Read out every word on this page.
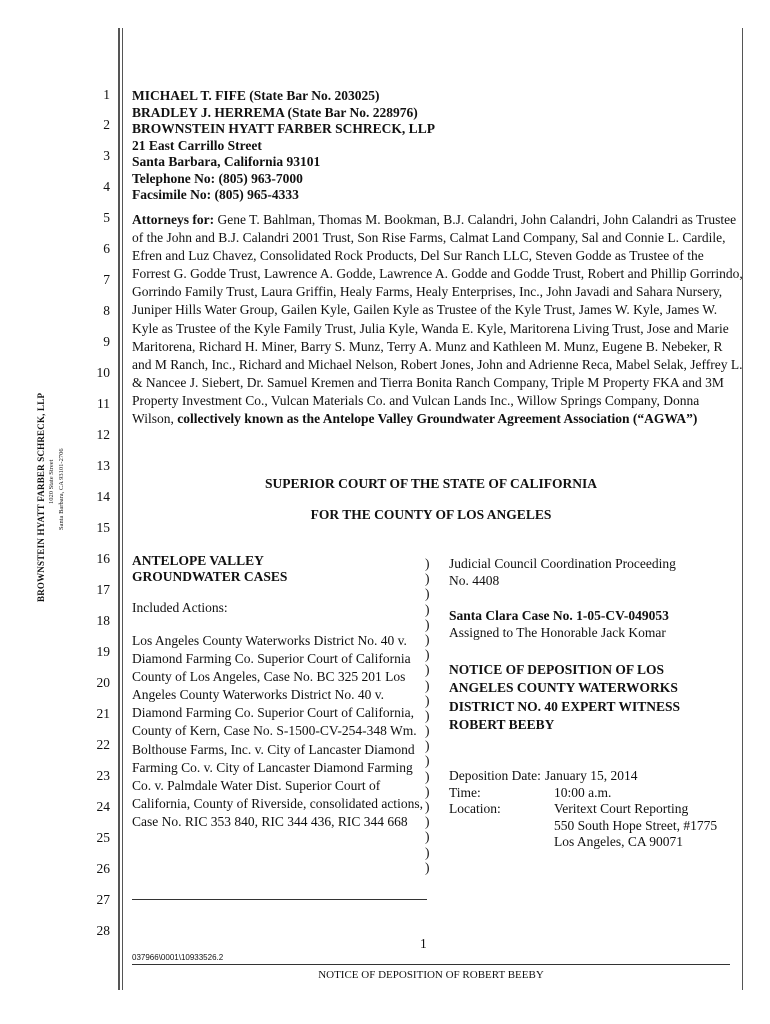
1
2
3
4
5
6
7
8
9
10
11
12
13
14
15
16
17
18
19
20
21
22
23
24
25
26
27
28
BROWNSTEIN HYATT FARBER SCHRECK, LLP 1020 State Street Santa Barbara, CA 93101-2706
MICHAEL T. FIFE (State Bar No. 203025)
BRADLEY J. HERREMA (State Bar No. 228976)
BROWNSTEIN HYATT FARBER SCHRECK, LLP
21 East Carrillo Street
Santa Barbara, California 93101
Telephone No: (805) 963-7000
Facsimile No: (805) 965-4333
Attorneys for: Gene T. Bahlman, Thomas M. Bookman, B.J. Calandri, John Calandri, John Calandri as Trustee of the John and B.J. Calandri 2001 Trust, Son Rise Farms, Calmat Land Company, Sal and Connie L. Cardile, Efren and Luz Chavez, Consolidated Rock Products, Del Sur Ranch LLC, Steven Godde as Trustee of the Forrest G. Godde Trust, Lawrence A. Godde, Lawrence A. Godde and Godde Trust, Robert and Phillip Gorrindo, Gorrindo Family Trust, Laura Griffin, Healy Farms, Healy Enterprises, Inc., John Javadi and Sahara Nursery, Juniper Hills Water Group, Gailen Kyle, Gailen Kyle as Trustee of the Kyle Trust, James W. Kyle, James W. Kyle as Trustee of the Kyle Family Trust, Julia Kyle, Wanda E. Kyle, Maritorena Living Trust, Jose and Marie Maritorena, Richard H. Miner, Barry S. Munz, Terry A. Munz and Kathleen M. Munz, Eugene B. Nebeker, R and M Ranch, Inc., Richard and Michael Nelson, Robert Jones, John and Adrienne Reca, Mabel Selak, Jeffrey L. & Nancee J. Siebert, Dr. Samuel Kremen and Tierra Bonita Ranch Company, Triple M Property FKA and 3M Property Investment Co., Vulcan Materials Co. and Vulcan Lands Inc., Willow Springs Company, Donna Wilson, collectively known as the Antelope Valley Groundwater Agreement Association (“AGWA”)
SUPERIOR COURT OF THE STATE OF CALIFORNIA
FOR THE COUNTY OF LOS ANGELES
ANTELOPE VALLEY
GROUNDWATER CASES
Included Actions:
Los Angeles County Waterworks District No. 40 v. Diamond Farming Co. Superior Court of California County of Los Angeles, Case No. BC 325 201 Los Angeles County Waterworks District No. 40 v. Diamond Farming Co. Superior Court of California, County of Kern, Case No. S-1500-CV-254-348 Wm. Bolthouse Farms, Inc. v. City of Lancaster Diamond Farming Co. v. City of Lancaster Diamond Farming Co. v. Palmdale Water Dist. Superior Court of California, County of Riverside, consolidated actions, Case No. RIC 353 840, RIC 344 436, RIC 344 668
)
)
)
)
)
)
)
)
)
)
)
)
)
)
)
)
)
)
)
)
)
Judicial Council Coordination Proceeding
No. 4408
Santa Clara Case No. 1-05-CV-049053
Assigned to The Honorable Jack Komar
NOTICE OF DEPOSITION OF LOS
ANGELES COUNTY WATERWORKS
DISTRICT NO. 40 EXPERT WITNESS
ROBERT BEEBY
Deposition Date: January 15, 2014
Time:	10:00 a.m.
Location:	Veritext Court Reporting
550 South Hope Street, #1775
Los Angeles, CA 90071
1
037966\0001\10933526.2
NOTICE OF DEPOSITION OF ROBERT BEEBY
